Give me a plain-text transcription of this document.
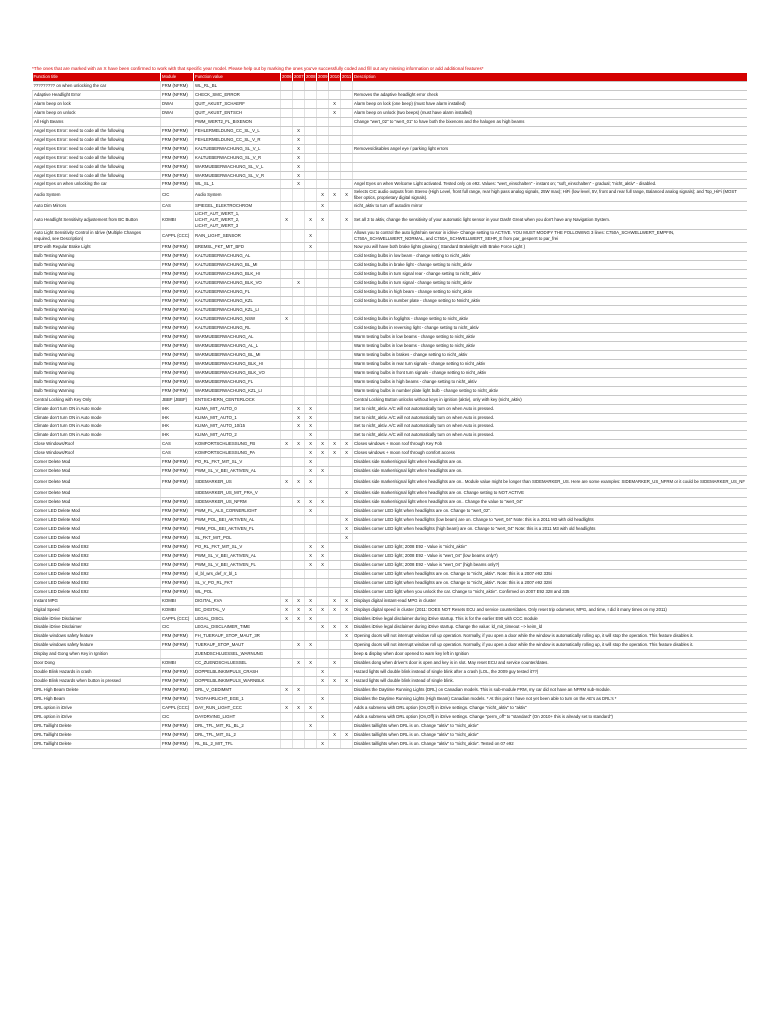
*The ones that are marked with an X have been confirmed to work with that specific year model. Please help out by marking the ones you've successfully coded and fill out any missing information or add additional features*
Function title	Module	Function value	2006	2007	2008	2009	2010	2011	Description
????????? on when unlocking the car	FRM (NFRM)	WL_RL_BL							
Adaptive Headlight Error	FRM (NFRM)	CHECK_SMC_ERROR							Removes the adaptive headlight error check
Alarm beep on lock	DWAI	QUIT_AKUST_SCHAERF					X		Alarm beep on lock (one beep) (must have alarm installed)
Alarm beep on unlock	DWAI	QUIT_AKUST_ENTSCH					X		Alarm beep on unlock (two beeps) (must have alarm installed)
All High Beams		PWM_WERT2_FL_BIXENON							Change "wert_02" to "wert_01" to have both the bixenons and the halogen as high beams
Angel Eyes Error: need to code all the following	FRM (NFRM)	FEHLERMELDUNG_CC_SL_V_L		X					
Angel Eyes Error: need to code all the following	FRM (NFRM)	FEHLERMELDUNG_CC_SL_V_R		X					
Angel Eyes Error: need to code all the following	FRM (NFRM)	KALTUEBERWACHUNG_SL_V_L		X					Removes/disables angel eye / parking light errors
Angel Eyes Error: need to code all the following	FRM (NFRM)	KALTUEBERWACHUNG_SL_V_R		X					
Angel Eyes Error: need to code all the following	FRM (NFRM)	WARMUEBERWACHUNG_SL_V_L		X					
Angel Eyes Error: need to code all the following	FRM (NFRM)	WARMUEBERWACHUNG_SL_V_R		X					
Angel Eyes on when unlocking the car	FRM (NFRM)	WL_SL_1		X					Angel Eyes on when Welcome Light activated. Tested only on e92. Values: "wert_einschalten" - instant on; "soft_einschalten" - gradual; "nicht_aktiv" - disabled.
Audio System	CIC	Audio System				X	X	X	Selects CIC audio outputs from Stereo (High Level, front full range, rear high pass analog signals, 25W max); HiFi (low level, 5V, front and rear full range, Balanced analog signals); and Top_HiFi (MOST fiber optics, proprietary digital signals).
Auto Dim Mirrors	CAS	SPIEGEL_ELEKTROCHROM				X			nicht_aktiv to turn off autodim mirror
Auto Headlight Sensitivity adjustement from BC Button	KOMBI	LICHT_AUT_WERT_1, LICHT_AUT_WERT_2, LICHT_AUT_WERT_3	X		X	X		X	Set all 3 to aktiv, change the sensitivity of your automatic light sensor in your Dash! Great when you don't have any Navigation System.
Auto Light Sensitivity Control in Idrive (Multiple Changes required, see Description)	CAPPL (CCC)	RAIN_LIGHT_SENSOR			X				Allows you to control the auto light/rain sensor in idrive- Change setting to ACTIVE. YOU MUST MODIFY THE FOLLOWING 3 lines: C750A_SCHWELLWERT_EMPFIN, C750A_SCHWELLWERT_NORMAL, and C750A_SCHWELLWERT_SEHR_E from par_gesperrt to par_frei
BFD with Regular Brake Light	FRM (NFRM)	BREMSL_FKT_MIT_BFD			X				Now you will have both brake lights glowing ( Standard Brakelight with Brake Force Light )
Bulb Testing Warning	FRM (NFRM)	KALTUEBERWACHUNG_AL							Cold testing bulbs in low beam - change setting to nicht_aktiv
Bulb Testing Warning	FRM (NFRM)	KALTUEBERWACHUNG_BL_MI							Cold testing bulbs in brake light - change setting to nicht_aktiv
Bulb Testing Warning	FRM (NFRM)	KALTUEBERWACHUNG_BLK_HI							Cold testing bulbs in turn signal rear - change setting to nicht_aktiv
Bulb Testing Warning	FRM (NFRM)	KALTUEBERWACHUNG_BLK_VO		X					Cold testing bulbs in turn signal - change setting to nicht_aktiv
Bulb Testing Warning	FRM (NFRM)	KALTUEBERWACHUNG_FL							Cold testing bulbs in high beam - change setting to nicht_aktiv
Bulb Testing Warning	FRM (NFRM)	KALTUEBERWACHUNG_KZL							Cold testing bulbs in number plate - change setting to Nnicht_aktiv
Bulb Testing Warning	FRM (NFRM)	KALTUEBERWACHUNG_KZL_LI							
Bulb Testing Warning	FRM (NFRM)	KALTUEBERWACHUNG_NSW	X						Cold testing bulbs in foglights - change setting to nicht_aktiv
Bulb Testing Warning	FRM (NFRM)	KALTUEBERWACHUNG_RL							Cold testing bulbs in reversing light - change setting to nicht_aktiv
Bulb Testing Warning	FRM (NFRM)	WARMUEBERWACHUNG_AL							Warm testing bulbs in low beams - change setting to nicht_aktiv
Bulb Testing Warning	FRM (NFRM)	WARMUEBERWACHUNG_AL_L							Warm testing bulbs in low beams - change setting to nicht_aktiv
Bulb Testing Warning	FRM (NFRM)	WARMUEBERWACHUNG_BL_MI							Warm testing bulbs in brakes - change setting to nicht_aktiv
Bulb Testing Warning	FRM (NFRM)	WARMUEBERWACHUNG_BLK_HI							Warm testing bulbs in rear turn signals - change setting to nicht_aktiv
Bulb Testing Warning	FRM (NFRM)	WARMUEBERWACHUNG_BLK_VO							Warm testing bulbs in front turn signals - change setting to nicht_aktiv
Bulb Testing Warning	FRM (NFRM)	WARMUEBERWACHUNG_FL							Warm testing bulbs in high beams - change setting to nicht_aktiv
Bulb Testing Warning	FRM (NFRM)	WARMUEBERWACHUNG_KZL_LI							Warm testing bulbs in number plate light bulb - change setting to nicht_aktiv
Central Locking with Key Only	JBBF (JBBF)	ENTSICHERN_CENTERLOCK							Central Locking Button unlocks without keys in ignition (aktiv), only with key (nicht_aktiv)
Climate don't turn ON in Auto mode	IHK	KLIMA_MIT_AUTO_0		X	X				Set to nicht_aktiv. A/C will not automatically turn on when Auto is pressed.
Climate don't turn ON in Auto mode	IHK	KLIMA_MIT_AUTO_1		X	X				Set to nicht_aktiv. A/C will not automatically turn on when Auto is pressed.
Climate don't turn ON in Auto mode	IHK	KLIMA_MIT_AUTO_10/15		X	X				Set to nicht_aktiv. A/C will not automatically turn on when Auto is pressed.
Climate don't turn ON in Auto mode	IHK	KLIMA_MIT_AUTO_2			X				Set to nicht_aktiv. A/C will not automatically turn on when Auto is pressed.
Close Windows/Roof	CAS	KOMFORTSCHLIESSUNG_FB	X	X	X	X	X	X	Closes windows + moon roof through Key Fob
Close Windows/Roof	CAS	KOMFORTSCHLIESSUNG_PA			X	X	X	X	Closes windows + moon roof through comfort access
Corner Delete Mod	FRM (NFRM)	PO_RL_FKT_MIT_SL_V			X				Disables side marker/signal light when headlights are on.
Corner Delete Mod	FRM (NFRM)	PWM_SL_V_BEI_AKTIVEN_AL			X	X			Disables side marker/signal light when headlights are on.
Corner Delete Mod	FRM (NFRM)	SIDEMARKER_US	X	X	X				Disables side marker/signal light when headlights are on.. Module value might be longer than SIDEMARKER_US. Here are some examples: SIDEMARKER_US_NFRM or it could be SIDEMARKER_US_NF
Corner Delete Mod		SIDEMARKER_US_MIT_FRA_V						X	Disables side marker/signal light when headlights are on. Change setting to NOT ACTIVE
Corner Delete Mod	FRM (NFRM)	SIDEMARKER_US_NFRM		X	X	X			Disables side marker/signal light when headlights are on.. Change the value to "wert_04"
Corner LED Delete Mod	FRM (NFRM)	PWM_FL_ALS_CORNERLIGHT			X				Disables corner LED light when headlights are on. Change to "wert_02".
Corner LED Delete Mod	FRM (NFRM)	PWM_POL_BEI_AKTIVEN_AL						X	Disables corner LED light when headlights (low beam) are on. Change to "wert_04" Note: this is a 2011 M3 with old headlights
Corner LED Delete Mod	FRM (NFRM)	PWM_POL_BEI_AKTIVEN_FL						X	Disables corner LED light when headlights (high beam) are on. Change to "wert_04" Note: this is a 2011 M3 with old headlights
Corner LED Delete Mod	FRM (NFRM)	SL_FKT_MIT_POL						X	
Corner LED Delete Mod E92	FRM (NFRM)	PO_RL_FKT_MIT_SL_V			X	X			Disables corner LED light; 2008 E92 - Value is "nicht_aktiv"
Corner LED Delete Mod E92	FRM (NFRM)	PWM_SL_V_BEI_AKTIVEN_AL			X	X			Disables corner LED light; 2008 E92 - Value is "wert_04" (low beams only?)
Corner LED Delete Mod E92	FRM (NFRM)	PWM_SL_V_BEI_AKTIVEN_FL			X	X			Disables corner LED light; 2008 E92 - Value is "wert_04" (high beams only?)
Corner LED Delete Mod E92	FRM (NFRM)	sl_bl_wrs_def_rr_bl_1							Disables corner LED light when headlights are on. Change to "nicht_aktiv". Note: this is a 2007 e92 335i
Corner LED Delete Mod E92	FRM (NFRM)	SL_V_PO_RL_FKT							Disables corner LED light when headlights are on. Change to "nicht_aktiv". Note: this is a 2007 e92 328i
Corner LED Delete Mod E92	FRM (NFRM)	WL_POL							Disables corner LED light when you unlock the car. Change to "nicht_aktiv". Confirmed on 2007 E92 328 and 335
Instant MPG	KOMBI	DIGITAL_KVA	X	X	X		X	X	Displays digital instant-read MPG in cluster
Digital Speed	KOMBI	BC_DIGITAL_V	X	X	X	X	X	X	Displays digital speed in cluster (2011: DOES NOT Resets ECU and service counter/dates. Only reset trip odometer, MPG, and time, I did it many times on my 2011)
Disable iDrive Disclaimer	CAPPL (CCC)	LEGAL_DISCL	X	X	X				Disables iDrive legal disclaimer during iDrive startup. This is for the earlier E90 with CCC module
Disable iDrive Disclaimer	CIC	LEGAL_DISCLAIMER_TIME				X	X	X	Disables iDrive legal disclaimer during iDrive startup. Change the value: ld_mit_timeout --> keim_ld
Disable windows safety feature	FRM (NFRM)	FH_TUERAUF_STOP_MAUT_3R						X	Opening doors will not interrupt window roll up operation. Normally, if you open a door while the window is automatically rolling up, it will stop the operation. This feature disables it.
Disable windows safety feature	FRM (NFRM)	TUERAUF_STOP_MAUT		X	X				Opening doors will not interrupt window roll up operation. Normally, if you open a door while the window is automatically rolling up, it will stop the operation. This feature disables it.
Display and Gong when Key in Ignition		ZUENDSCHLUESSEL_WARNUNG							beep & display when door opened to warn key left in Ignition
Door Dong	KOMBI	CC_ZUENDSCHLUESSEL		X	X		X		Disables dong when driver's door is open and key is in slot. May reset ECU and service counter/dates.
Double Blink Hazards in crash	FRM (NFRM)	DOPPELBLINKIMPULS_CRASH				X			Hazard lights will double blink instead of single blink after a crash (LOL, the 2009 guy tested it??)
Double Blink Hazards when button is pressed	FRM (NFRM)	DOPPELBLINKIMPULS_WARNBLK				X	X	X	Hazard lights will double blink instead of single blink.
DRL High Beam Delete	FRM (NFRM)	DRL_V_GEDIMMT	X	X					Disables the Daytime Running Lights (DRL) on Canadian models. This is sub-module FRM, my car did not have an NFRM sub-module.
DRL High Beam	FRM (NFRM)	TAGFAHRLICHT_EGE_1				X			Disables the Daytime Running Lights (High Beam) Canadian models. * At this point I have not yet been able to turn on the AE's as DRL's *
DRL option in iDrive	CAPPL (CCC)	DAY_RUN_LIGHT_CCC	X	X	X				Adds a submenu with DRL option (On,Off) in iDrive settings. Change "nicht_aktiv" to "aktiv"
DRL option in iDrive	CIC	DAYDRVING_LIGHT				X			Adds a submenu with DRL option (On,Off) in iDrive settings. Change "perm_off" to "standard" (On 2010+ this is already set to standard")
DRL Taillight Delete	FRM (NFRM)	DRL_TFL_MIT_RL_BL_2			X				Disables taillights when DRL is on. Change "aktiv" to "nicht_aktiv"
DRL Taillight Delete	FRM (NFRM)	DRL_TFL_MIT_SL_2					X	X	Disables taillights when DRL is on. Change "aktiv" to "nicht_aktiv"
DRL Taillight Delete	FRM (NFRM)	RL_BL_2_MIT_TFL				X			Disables taillights when DRL is on. Change "aktiv" to "nicht_aktiv". Tested on 07 e92
